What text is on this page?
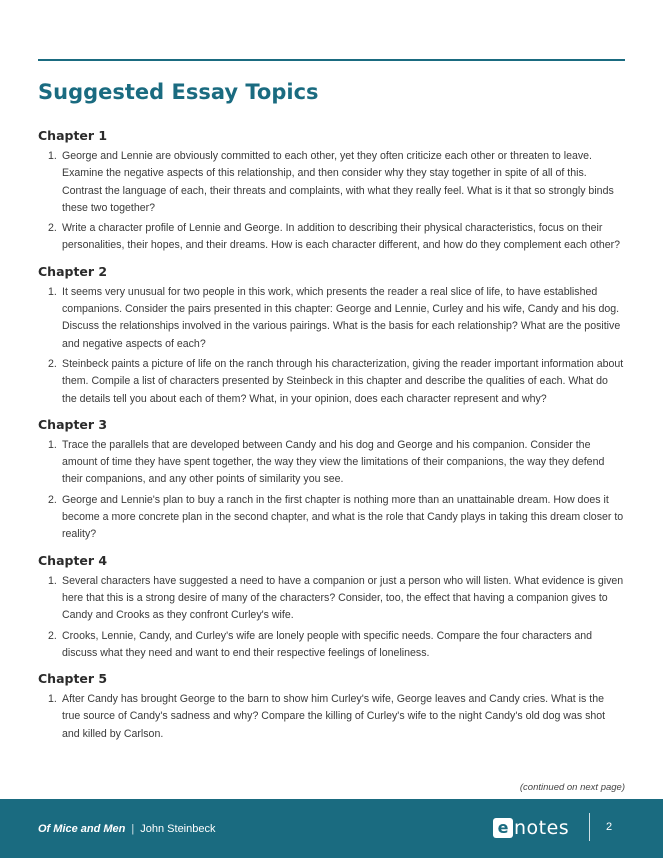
Suggested Essay Topics
Chapter 1
1. George and Lennie are obviously committed to each other, yet they often criticize each other or threaten to leave. Examine the negative aspects of this relationship, and then consider why they stay together in spite of all of this. Contrast the language of each, their threats and complaints, with what they really feel. What is it that so strongly binds these two together?
2. Write a character profile of Lennie and George. In addition to describing their physical characteristics, focus on their personalities, their hopes, and their dreams. How is each character different, and how do they complement each other?
Chapter 2
1. It seems very unusual for two people in this work, which presents the reader a real slice of life, to have established companions. Consider the pairs presented in this chapter: George and Lennie, Curley and his wife, Candy and his dog. Discuss the relationships involved in the various pairings. What is the basis for each relationship? What are the positive and negative aspects of each?
2. Steinbeck paints a picture of life on the ranch through his characterization, giving the reader important information about them. Compile a list of characters presented by Steinbeck in this chapter and describe the qualities of each. What do the details tell you about each of them? What, in your opinion, does each character represent and why?
Chapter 3
1. Trace the parallels that are developed between Candy and his dog and George and his companion. Consider the amount of time they have spent together, the way they view the limitations of their companions, the way they defend their companions, and any other points of similarity you see.
2. George and Lennie's plan to buy a ranch in the first chapter is nothing more than an unattainable dream. How does it become a more concrete plan in the second chapter, and what is the role that Candy plays in taking this dream closer to reality?
Chapter 4
1. Several characters have suggested a need to have a companion or just a person who will listen. What evidence is given here that this is a strong desire of many of the characters? Consider, too, the effect that having a companion gives to Candy and Crooks as they confront Curley's wife.
2. Crooks, Lennie, Candy, and Curley's wife are lonely people with specific needs. Compare the four characters and discuss what they need and want to end their respective feelings of loneliness.
Chapter 5
1. After Candy has brought George to the barn to show him Curley's wife, George leaves and Candy cries. What is the true source of Candy's sadness and why? Compare the killing of Curley's wife to the night Candy's old dog was shot and killed by Carlson.
(continued on next page)
Of Mice and Men | John Steinbeck	e notes	2
